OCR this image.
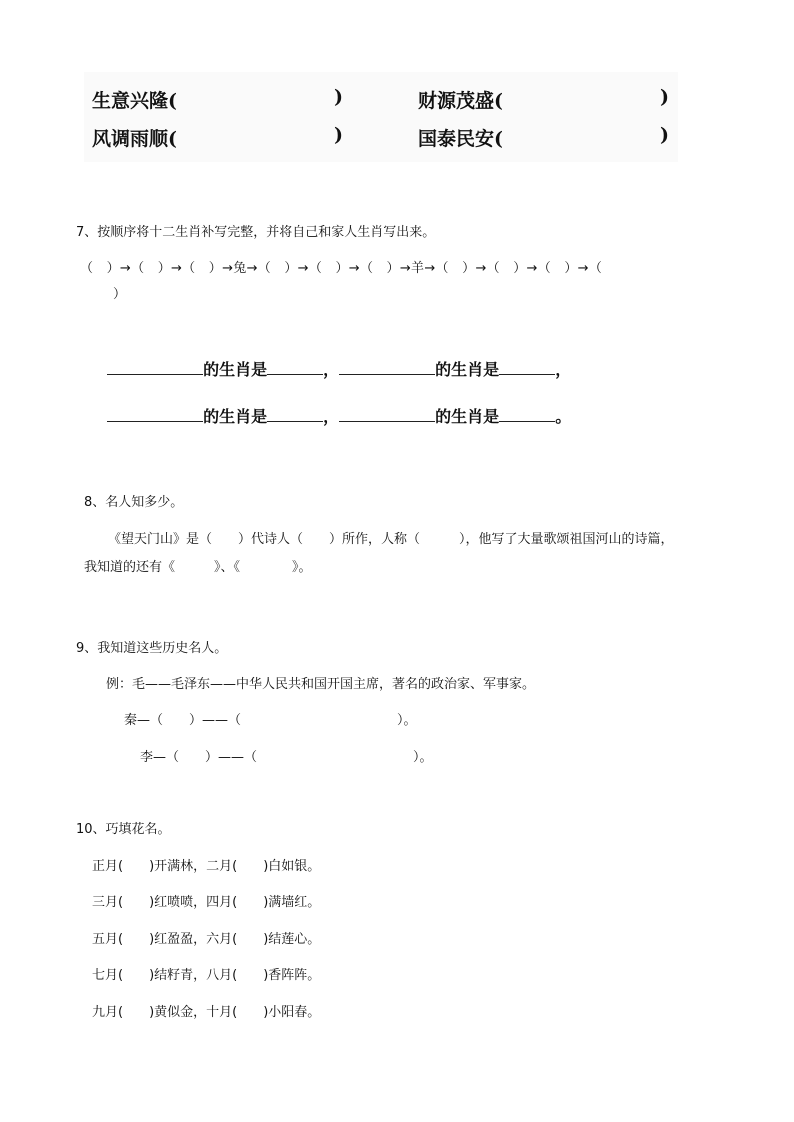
生意兴隆(	)	财源茂盛(	)
风调雨顺(	)	国泰民安(	)
7、按顺序将十二生肖补写完整，并将自己和家人生肖写出来。
（　）→（　）→（　）→兔→（　）→（　）→（　）→羊→（　）→（　）→（　）→（
）

的生肖是	，	的生肖是	，

的生肖是	，	的生肖是	。

8、名人知多少。
《望天门山》是（　　）代诗人（　　）所作，人称（　　　），他写了大量歌颂祖国河山的诗篇，
我知道的还有《　　　》、《　　　　》。
9、我知道这些历史名人。
例：毛——毛泽东——中华人民共和国开国主席，著名的政治家、军事家。
秦—（　　）——（　　　　　　　　　　　　）。
李—（　　）——（　　　　　　　　　　　　）。
10、巧填花名。
正月(　　)开满林，二月(　　)白如银。
三月(　　)红喷喷，四月(　　)满墙红。
五月(　　)红盈盈，六月(　　)结莲心。
七月(　　)结籽青，八月(　　)香阵阵。
九月(　　)黄似金，十月(　　)小阳春。
